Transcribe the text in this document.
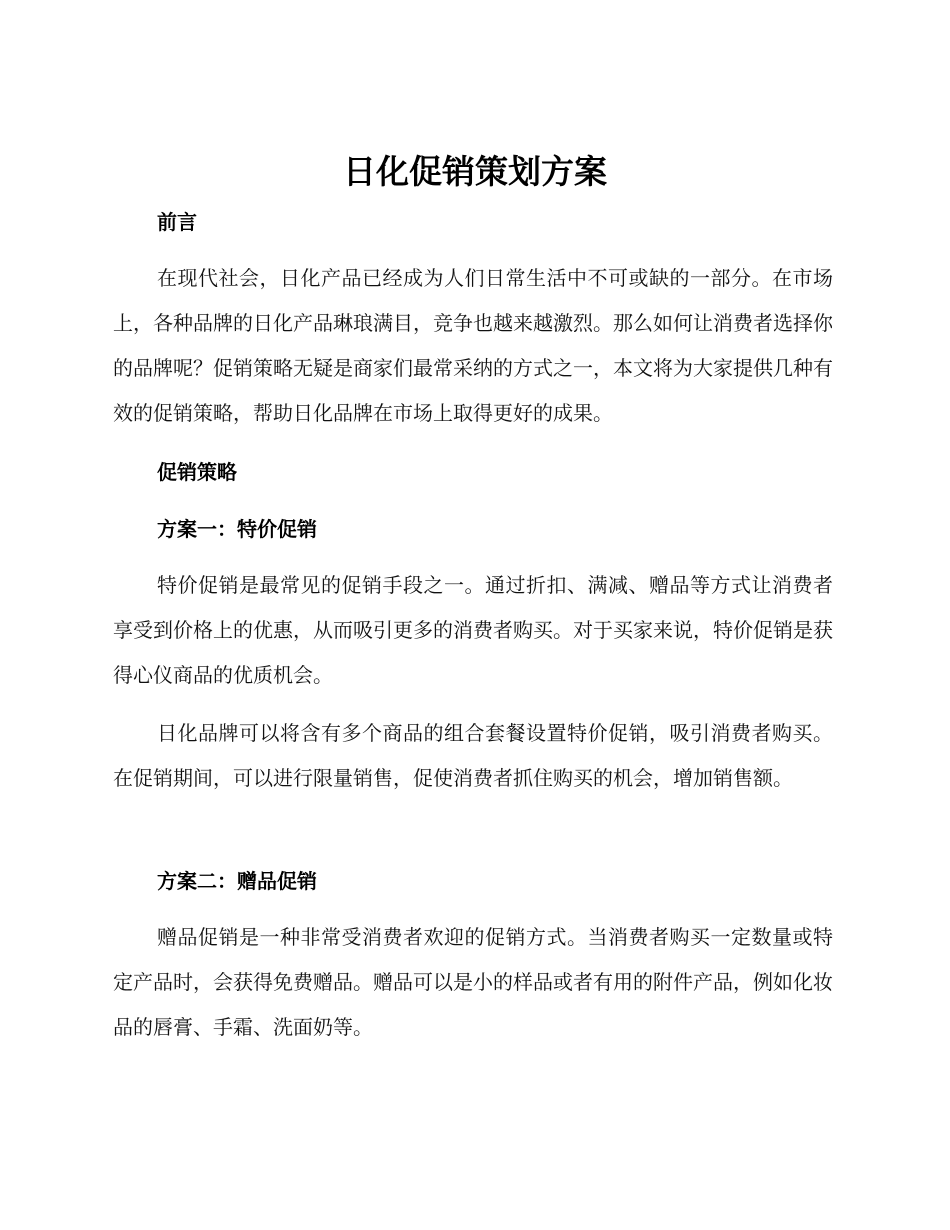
日化促销策划方案
前言

在现代社会，日化产品已经成为人们日常生活中不可或缺的一部分。在市场上，各种品牌的日化产品琳琅满目，竞争也越来越激烈。那么如何让消费者选择你的品牌呢？促销策略无疑是商家们最常采纳的方式之一，本文将为大家提供几种有效的促销策略，帮助日化品牌在市场上取得更好的成果。

促销策略
方案一：特价促销

特价促销是最常见的促销手段之一。通过折扣、满减、赠品等方式让消费者享受到价格上的优惠，从而吸引更多的消费者购买。对于买家来说，特价促销是获得心仪商品的优质机会。

日化品牌可以将含有多个商品的组合套餐设置特价促销，吸引消费者购买。在促销期间，可以进行限量销售，促使消费者抓住购买的机会，增加销售额。

方案二：赠品促销

赠品促销是一种非常受消费者欢迎的促销方式。当消费者购买一定数量或特定产品时，会获得免费赠品。赠品可以是小的样品或者有用的附件产品，例如化妆品的唇膏、手霜、洗面奶等。
